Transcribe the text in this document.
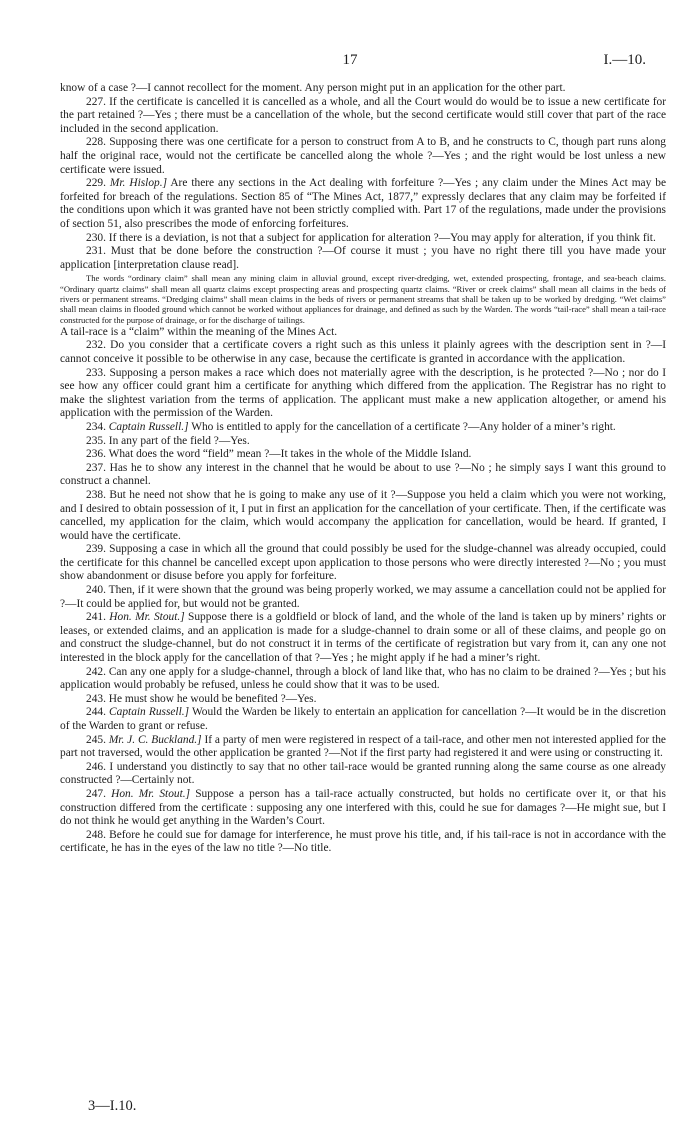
17	I.—10.

know of a case ?—I cannot recollect for the moment. Any person might put in an application for the other part.

227. If the certificate is cancelled it is cancelled as a whole, and all the Court would do would be to issue a new certificate for the part retained ?—Yes ; there must be a cancellation of the whole, but the second certificate would still cover that part of the race included in the second application.

228. Supposing there was one certificate for a person to construct from A to B, and he constructs to C, though part runs along half the original race, would not the certificate be cancelled along the whole ?—Yes ; and the right would be lost unless a new certificate were issued.

229. Mr. Hislop.] Are there any sections in the Act dealing with forfeiture ?—Yes ; any claim under the Mines Act may be forfeited for breach of the regulations. Section 85 of “The Mines Act, 1877,” expressly declares that any claim may be forfeited if the conditions upon which it was granted have not been strictly complied with. Part 17 of the regulations, made under the provisions of section 51, also prescribes the mode of enforcing forfeitures.

230. If there is a deviation, is not that a subject for application for alteration ?—You may apply for alteration, if you think fit.

231. Must that be done before the construction ?—Of course it must ; you have no right there till you have made your application [interpretation clause read].

The words “ordinary claim” shall mean any mining claim in alluvial ground, except river-dredging, wet, extended prospecting, frontage, and sea-beach claims. “Ordinary quartz claims” shall mean all quartz claims except prospecting areas and prospecting quartz claims. “River or creek claims” shall mean all claims in the beds of rivers or permanent streams. “Dredging claims” shall mean claims in the beds of rivers or permanent streams that shall be taken up to be worked by dredging. “Wet claims” shall mean claims in flooded ground which cannot be worked without appliances for drainage, and defined as such by the Warden. The words “tail-race” shall mean a tail-race constructed for the purpose of drainage, or for the discharge of tailings.

A tail-race is a “claim” within the meaning of the Mines Act.

232. Do you consider that a certificate covers a right such as this unless it plainly agrees with the description sent in ?—I cannot conceive it possible to be otherwise in any case, because the certificate is granted in accordance with the application.

233. Supposing a person makes a race which does not materially agree with the description, is he protected ?—No ; nor do I see how any officer could grant him a certificate for anything which differed from the application. The Registrar has no right to make the slightest variation from the terms of application. The applicant must make a new application altogether, or amend his application with the permission of the Warden.

234. Captain Russell.] Who is entitled to apply for the cancellation of a certificate ?—Any holder of a miner’s right.

235. In any part of the field ?—Yes.

236. What does the word “field” mean ?—It takes in the whole of the Middle Island.

237. Has he to show any interest in the channel that he would be about to use ?—No ; he simply says I want this ground to construct a channel.

238. But he need not show that he is going to make any use of it ?—Suppose you held a claim which you were not working, and I desired to obtain possession of it, I put in first an application for the cancellation of your certificate. Then, if the certificate was cancelled, my application for the claim, which would accompany the application for cancellation, would be heard. If granted, I would have the certificate.

239. Supposing a case in which all the ground that could possibly be used for the sludge-channel was already occupied, could the certificate for this channel be cancelled except upon application to those persons who were directly interested ?—No ; you must show abandonment or disuse before you apply for forfeiture.

240. Then, if it were shown that the ground was being properly worked, we may assume a cancellation could not be applied for ?—It could be applied for, but would not be granted.

241. Hon. Mr. Stout.] Suppose there is a goldfield or block of land, and the whole of the land is taken up by miners’ rights or leases, or extended claims, and an application is made for a sludge-channel to drain some or all of these claims, and people go on and construct the sludge-channel, but do not construct it in terms of the certificate of registration but vary from it, can any one not interested in the block apply for the cancellation of that ?—Yes ; he might apply if he had a miner’s right.

242. Can any one apply for a sludge-channel, through a block of land like that, who has no claim to be drained ?—Yes ; but his application would probably be refused, unless he could show that it was to be used.

243. He must show he would be benefited ?—Yes.

244. Captain Russell.] Would the Warden be likely to entertain an application for cancellation ?—It would be in the discretion of the Warden to grant or refuse.

245. Mr. J. C. Buckland.] If a party of men were registered in respect of a tail-race, and other men not interested applied for the part not traversed, would the other application be granted ?—Not if the first party had registered it and were using or constructing it.

246. I understand you distinctly to say that no other tail-race would be granted running along the same course as one already constructed ?—Certainly not.

247. Hon. Mr. Stout.] Suppose a person has a tail-race actually constructed, but holds no certificate over it, or that his construction differed from the certificate : supposing any one interfered with this, could he sue for damages ?—He might sue, but I do not think he would get anything in the Warden’s Court.

248. Before he could sue for damage for interference, he must prove his title, and, if his tail-race is not in accordance with the certificate, he has in the eyes of the law no title ?—No title.

3—I.10.
